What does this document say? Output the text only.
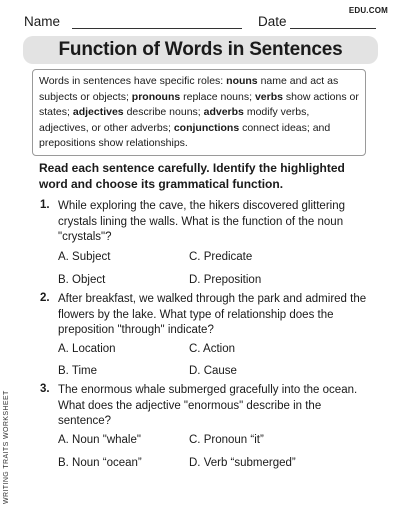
Name	Date
EDU.COM
Function of Words in Sentences
WRITING TRAITS WORKSHEET
Words in sentences have specific roles: nouns name and act as subjects or objects; pronouns replace nouns; verbs show actions or states; adjectives describe nouns; adverbs modify verbs, adjectives, or other adverbs; conjunctions connect ideas; and prepositions show relationships.

Read each sentence carefully. Identify the highlighted word and choose its grammatical function.

1. While exploring the cave, the hikers discovered glittering crystals lining the walls. What is the function of the noun "crystals"?

A. Subject	C. Predicate
B. Object	D. Preposition
2. After breakfast, we walked through the park and admired the flowers by the lake. What type of relationship does the preposition "through" indicate?

A. Location	C. Action
B. Time	D. Cause
3. The enormous whale submerged gracefully into the ocean. What does the adjective "enormous" describe in the sentence?

A. Noun "whale"	C. Pronoun “it”
B. Noun “ocean”	D. Verb “submerged”
